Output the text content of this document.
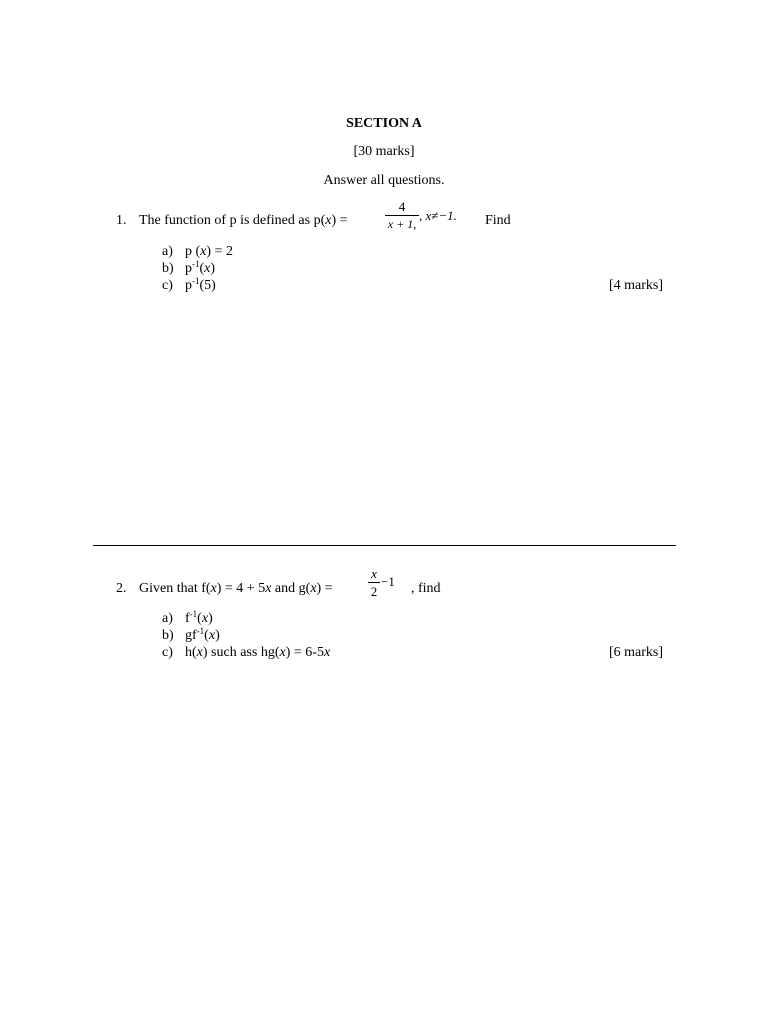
SECTION A
[30 marks]
Answer all questions.
1. The function of p is defined as p(x) =
4
x + 1,
, x≠−1. Find
a) p (x) = 2
b) $p^{-1}(x)$
c) $p^{-1}(5)$	[4 marks]
2. Given that f(x) = 4 + 5x and g(x) =
x
2
−1 , find
a) $f^{-1}(x)$
b) $gf^{-1}(x)$
c) h(x) such ass hg(x) = 6-5x	[6 marks]
